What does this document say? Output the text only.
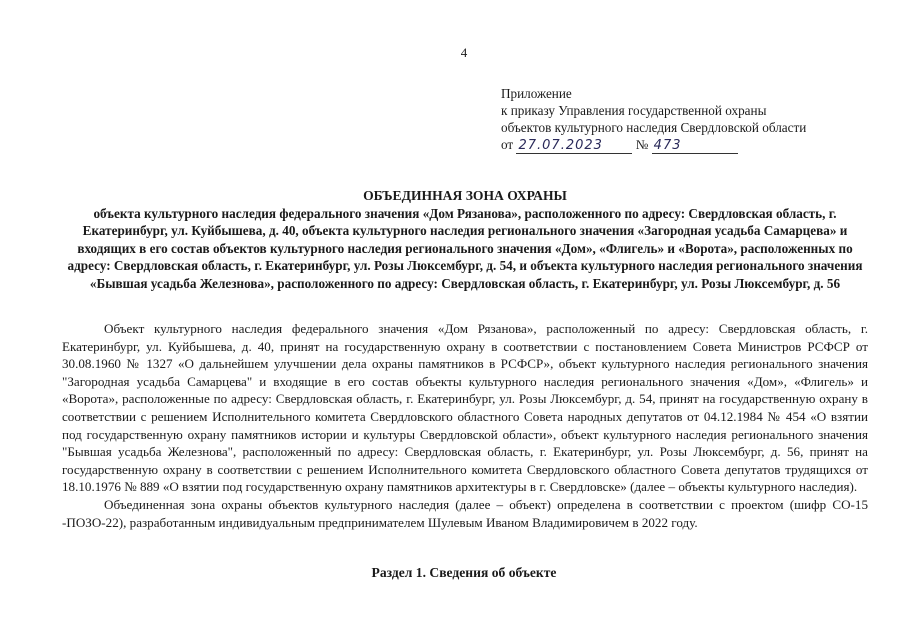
4
Приложение
к приказу Управления государственной охраны
объектов культурного наследия Свердловской области
от 27.07.2023 № 473
ОБЪЕДИННАЯ ЗОНА ОХРАНЫ
объекта культурного наследия федерального значения «Дом Рязанова», расположенного по адресу: Свердловская область, г. Екатеринбург, ул. Куйбышева, д. 40, объекта культурного наследия регионального значения «Загородная усадьба Самарцева» и входящих в его состав объектов культурного наследия регионального значения «Дом», «Флигель» и «Ворота», расположенных по адресу: Свердловская область, г. Екатеринбург, ул. Розы Люксембург, д. 54, и объекта культурного наследия регионального значения «Бывшая усадьба Железнова», расположенного по адресу: Свердловская область, г. Екатеринбург, ул. Розы Люксембург, д. 56

Объект культурного наследия федерального значения «Дом Рязанова», расположенный по адресу: Свердловская область, г. Екатеринбург, ул. Куйбышева, д. 40, принят на государственную охрану в соответствии с постановлением Совета Министров РСФСР от 30.08.1960 № 1327 «О дальнейшем улучшении дела охраны памятников в РСФСР», объект культурного наследия регионального значения "Загородная усадьба Самарцева" и входящие в его состав объекты культурного наследия регионального значения «Дом», «Флигель» и «Ворота», расположенные по адресу: Свердловская область, г. Екатеринбург, ул. Розы Люксембург, д. 54, принят на государственную охрану в соответствии с решением Исполнительного комитета Свердловского областного Совета народных депутатов от 04.12.1984 № 454 «О взятии под государственную охрану памятников истории и культуры Свердловской области», объект культурного наследия регионального значения "Бывшая усадьба Железнова", расположенный по адресу: Свердловская область, г. Екатеринбург, ул. Розы Люксембург, д. 56, принят на государственную охрану в соответствии с решением Исполнительного комитета Свердловского областного Совета депутатов трудящихся от 18.10.1976 № 889 «О взятии под государственную охрану памятников архитектуры в г. Свердловске» (далее – объекты культурного наследия).

Объединенная зона охраны объектов культурного наследия (далее – объект) определена в соответствии с проектом (шифр СО-15 -ПОЗО-22), разработанным индивидуальным предпринимателем Шулевым Иваном Владимировичем в 2022 году.

Раздел 1. Сведения об объекте
